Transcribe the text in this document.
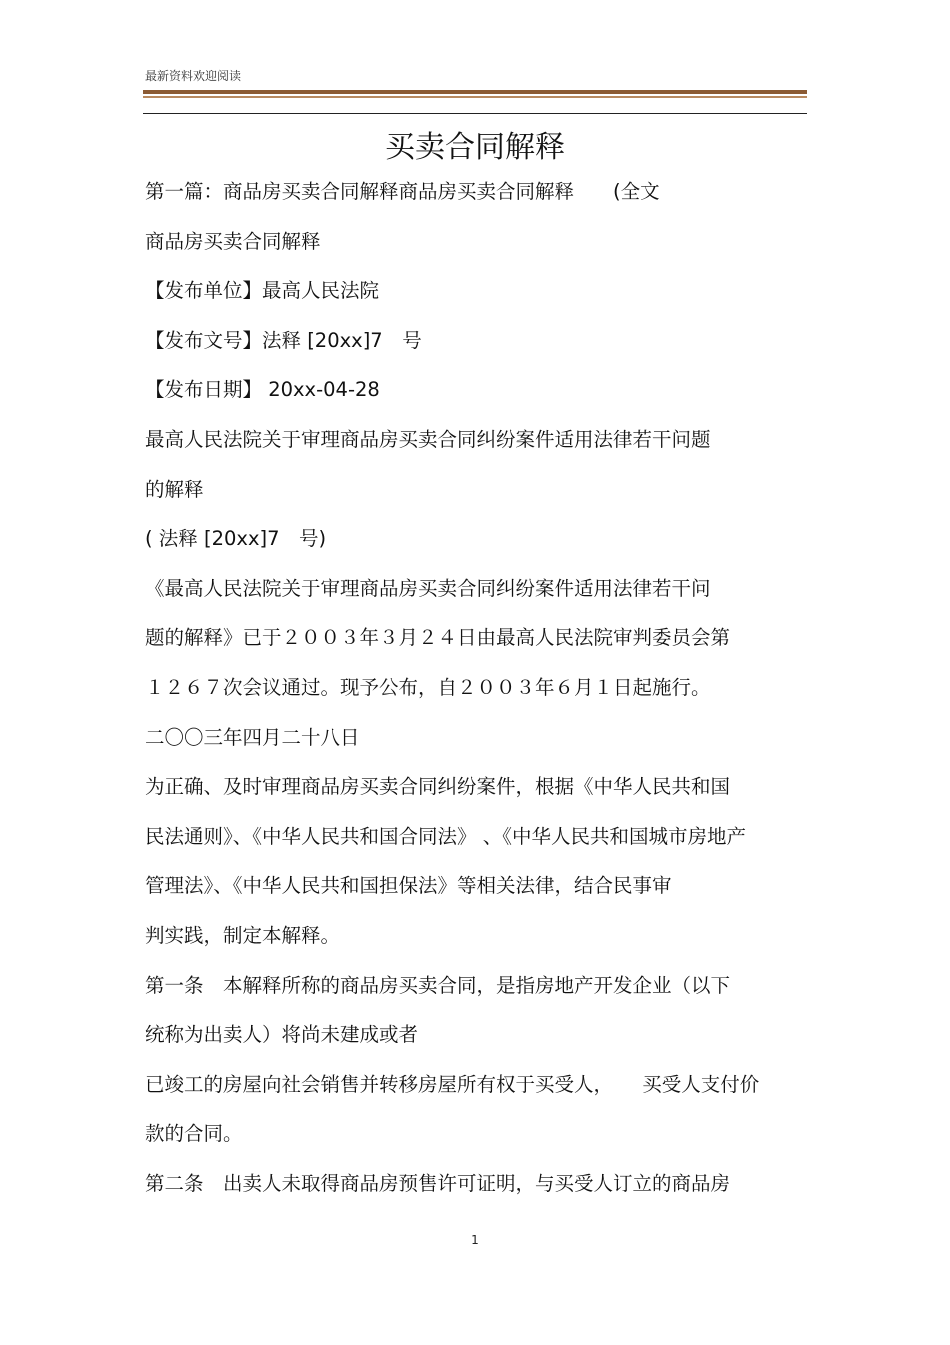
最新资料欢迎阅读
买卖合同解释
第一篇：商品房买卖合同解释商品房买卖合同解释　　(全文
商品房买卖合同解释
【发布单位】最高人民法院
【发布文号】法释 [20xx]7　号
【发布日期】 20xx-04-28
最高人民法院关于审理商品房买卖合同纠纷案件适用法律若干问题
的解释
( 法释 [20xx]7　号)
《最高人民法院关于审理商品房买卖合同纠纷案件适用法律若干问
题的解释》已于２００３年３月２４日由最高人民法院审判委员会第
１２６７次会议通过。现予公布，自２００３年６月１日起施行。
二〇〇三年四月二十八日
为正确、及时审理商品房买卖合同纠纷案件，根据《中华人民共和国
民法通则》、《中华人民共和国合同法》 、《中华人民共和国城市房地产
管理法》、《中华人民共和国担保法》等相关法律，结合民事审
判实践，制定本解释。
第一条　本解释所称的商品房买卖合同，是指房地产开发企业（以下
统称为出卖人）将尚未建成或者
已竣工的房屋向社会销售并转移房屋所有权于买受人，　　买受人支付价
款的合同。
第二条　出卖人未取得商品房预售许可证明，与买受人订立的商品房
1
